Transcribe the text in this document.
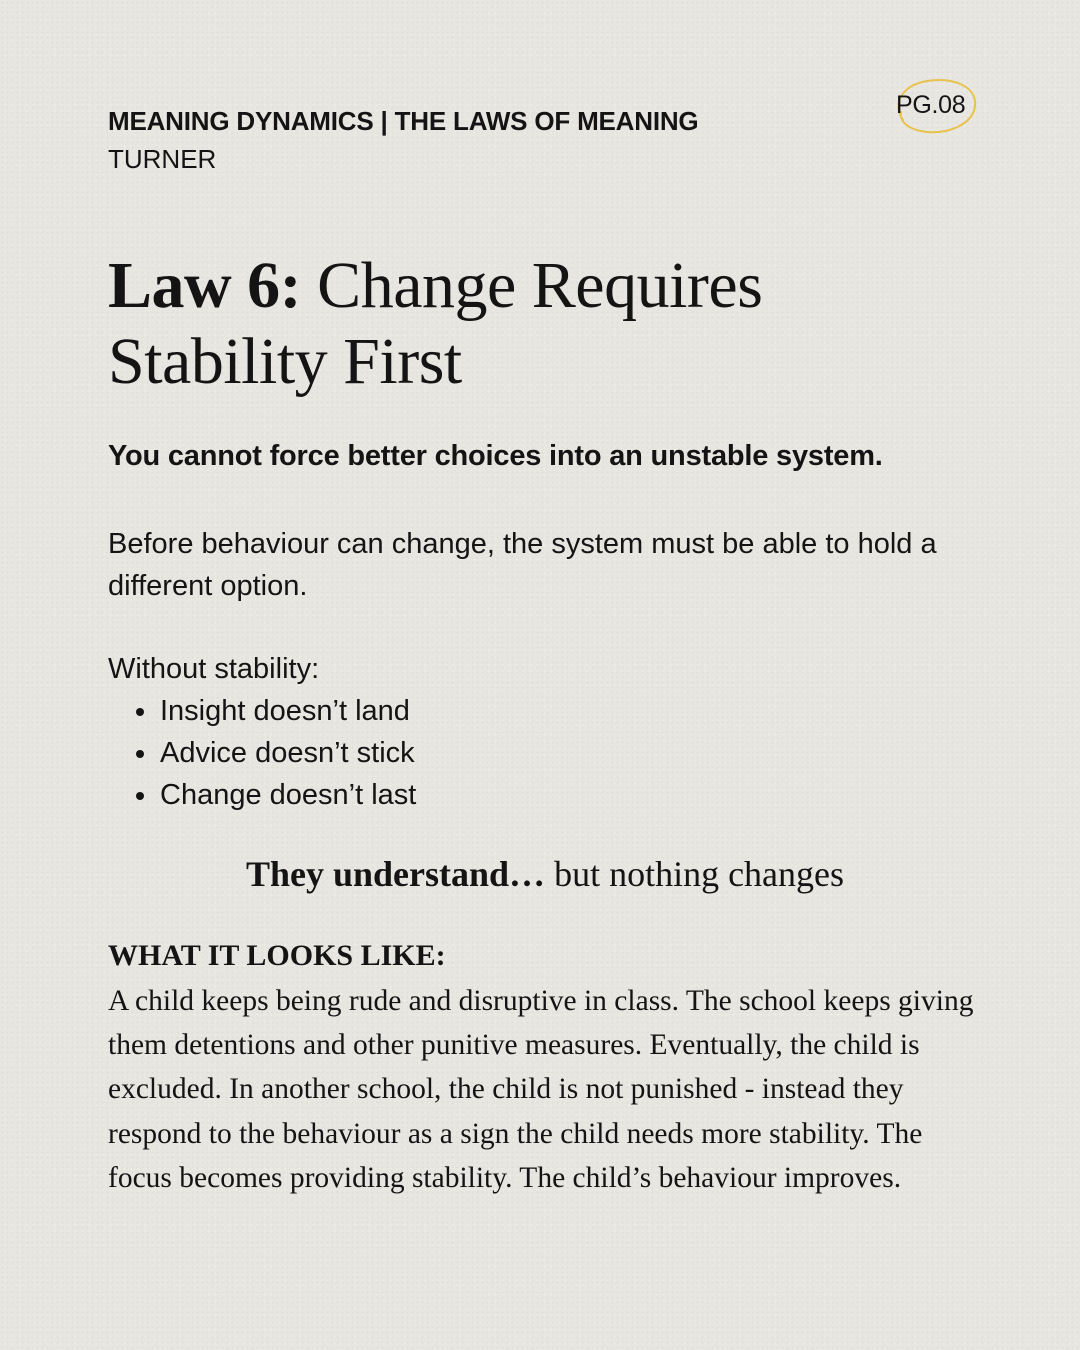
MEANING DYNAMICS | THE LAWS OF MEANING
TURNER
PG.08
Law 6: Change Requires
Stability First
You cannot force better choices into an unstable system.
Before behaviour can change, the system must be able to hold a different option.
Without stability:
Insight doesn’t land
Advice doesn’t stick
Change doesn’t last
They understand… but nothing changes
WHAT IT LOOKS LIKE:
A child keeps being rude and disruptive in class. The school keeps giving them detentions and other punitive measures. Eventually, the child is excluded. In another school, the child is not punished - instead they respond to the behaviour as a sign the child needs more stability. The focus becomes providing stability. The child’s behaviour improves.
